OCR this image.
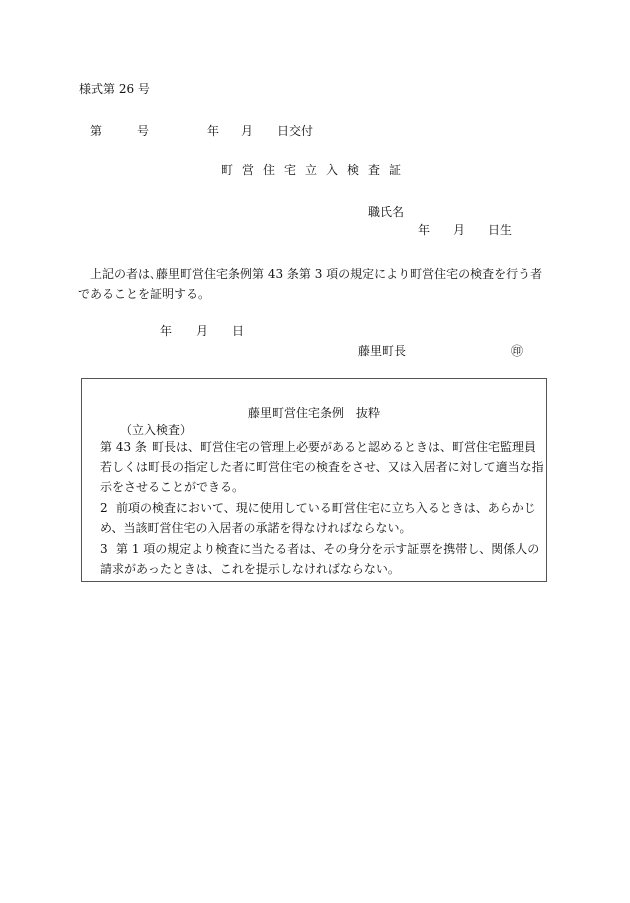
様式第 26 号
第	号	年 月 日交付
町営住宅立入検査証
職氏名
年 月 日生
上記の者は､藤里町営住宅条例第 43 条第 3 項の規定により町営住宅の検査を行う者であることを証明する。
年 月 日
藤里町長	㊞
藤里町営住宅条例　抜粋
（立入検査）
第 43 条 町長は、町営住宅の管理上必要があると認めるときは、町営住宅監理員若しくは町長の指定した者に町営住宅の検査をさせ、又は入居者に対して適当な指示をさせることができる。
2 前項の検査において、現に使用している町営住宅に立ち入るときは、あらかじめ、当該町営住宅の入居者の承諾を得なければならない。
3 第 1 項の規定より検査に当たる者は、その身分を示す証票を携帯し、関係人の請求があったときは、これを提示しなければならない。
